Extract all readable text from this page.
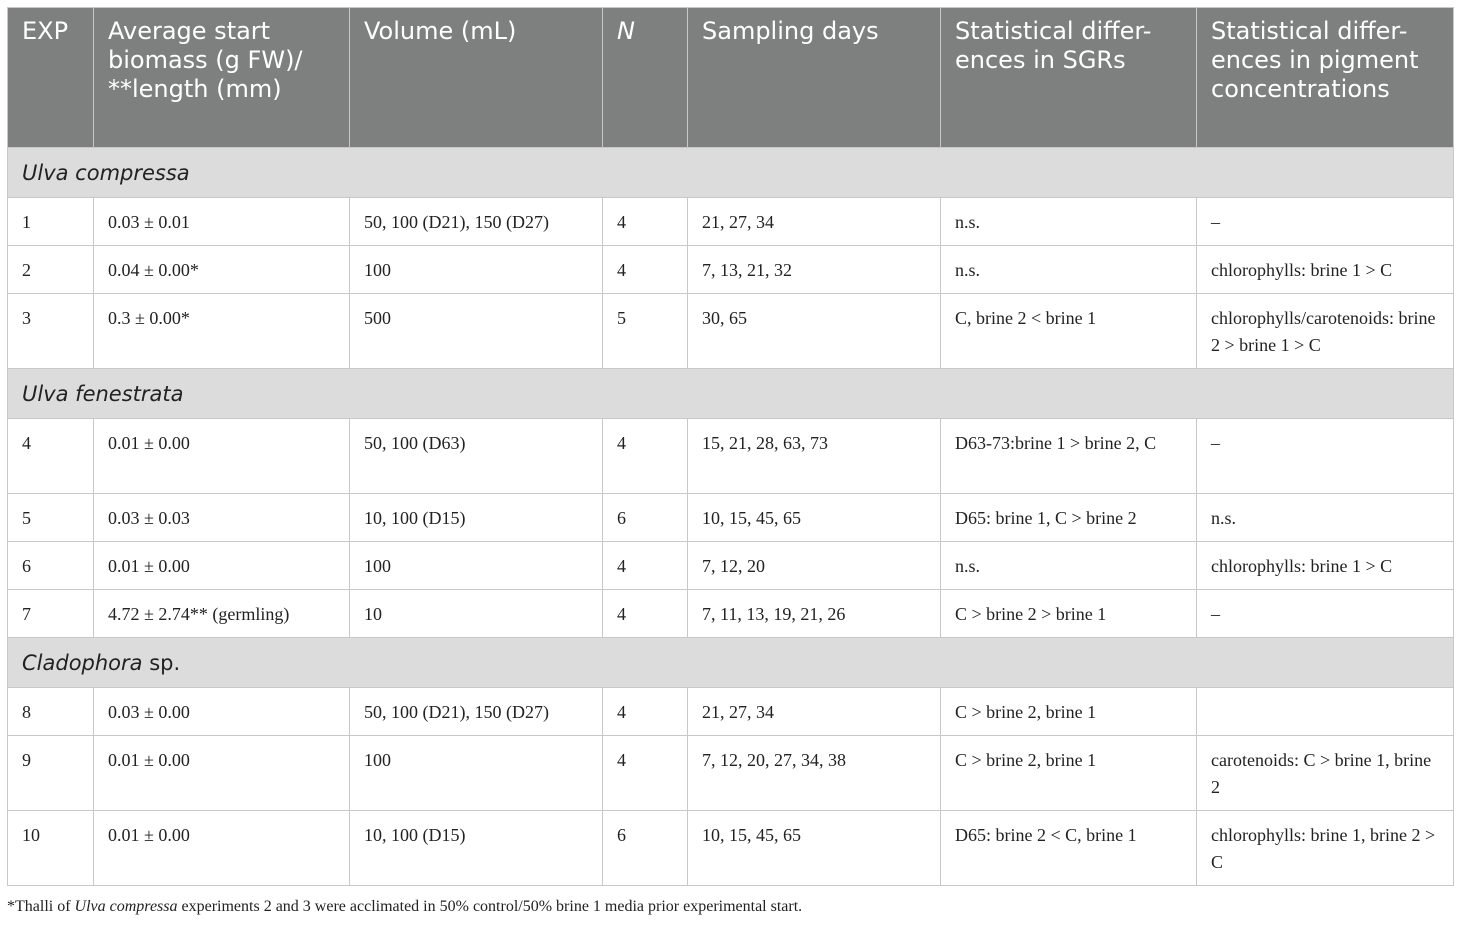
EXP	Average start biomass (g FW)/ **length (mm)	Volume (mL)	N	Sampling days	Statistical differ-ences in SGRs	Statistical differ-ences in pigment concentrations
Ulva compressa						
1	0.03 ± 0.01	50, 100 (D21), 150 (D27)	4	21, 27, 34	n.s.	–
2	0.04 ± 0.00*	100	4	7, 13, 21, 32	n.s.	chlorophylls: brine 1 > C
3	0.3 ± 0.00*	500	5	30, 65	C, brine 2 < brine 1	chlorophylls/carotenoids: brine 2 > brine 1 > C
Ulva fenestrata						
4	0.01 ± 0.00	50, 100 (D63)	4	15, 21, 28, 63, 73	D63-73:brine 1 > brine 2, C	–
5	0.03 ± 0.03	10, 100 (D15)	6	10, 15, 45, 65	D65: brine 1, C > brine 2	n.s.
6	0.01 ± 0.00	100	4	7, 12, 20	n.s.	chlorophylls: brine 1 > C
7	4.72 ± 2.74** (germling)	10	4	7, 11, 13, 19, 21, 26	C > brine 2 > brine 1	–
Cladophora sp.						
8	0.03 ± 0.00	50, 100 (D21), 150 (D27)	4	21, 27, 34	C > brine 2, brine 1	
9	0.01 ± 0.00	100	4	7, 12, 20, 27, 34, 38	C > brine 2, brine 1	carotenoids: C > brine 1, brine 2
10	0.01 ± 0.00	10, 100 (D15)	6	10, 15, 45, 65	D65: brine 2 < C, brine 1	chlorophylls: brine 1, brine 2 > C
*Thalli of Ulva compressa experiments 2 and 3 were acclimated in 50% control/50% brine 1 media prior experimental start.
